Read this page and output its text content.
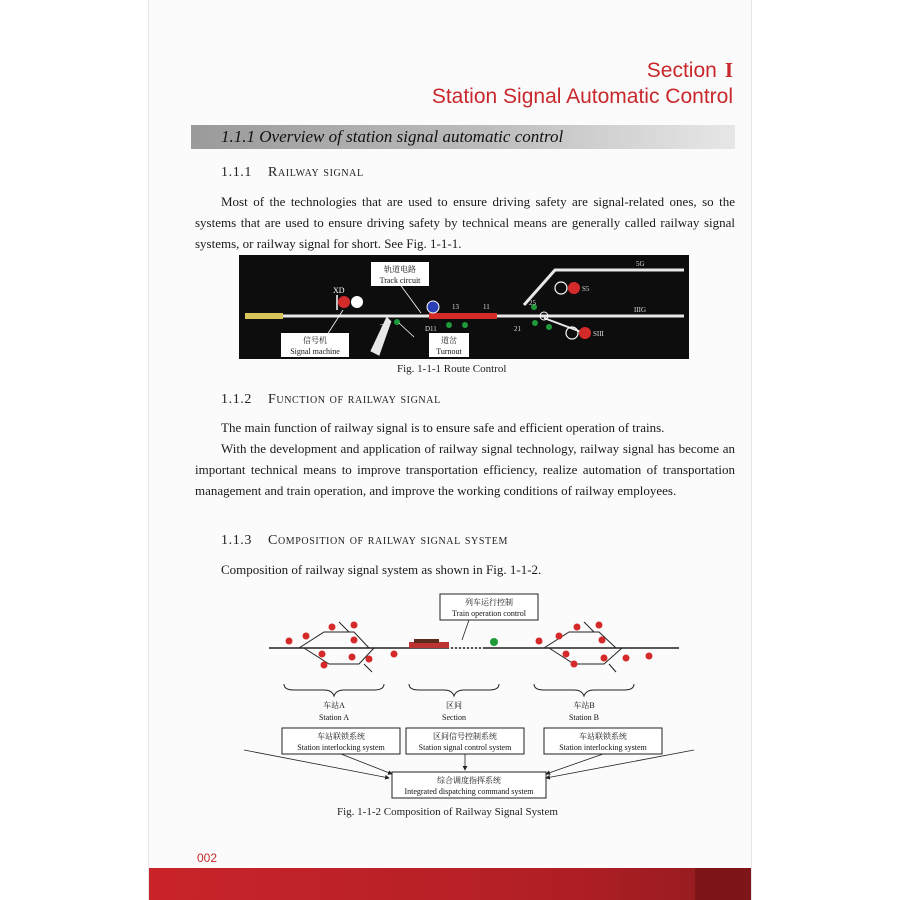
Section I
Station Signal Automatic Control
1.1.1 Overview of station signal automatic control
1.1.1 Railway signal

Most of the technologies that are used to ensure driving safety are signal-related ones, so the systems that are used to ensure driving safety by technical means are generally called railway signal systems, or railway signal for short. See Fig. 1-1-1.

XD
13	11	25
21
7	D11
5G
S5
SIII
IIIG
轨道电路
Track circuit
信号机
Signal machine
道岔
Turnout
Fig. 1-1-1 Route Control
1.1.2 Function of railway signal

The main function of railway signal is to ensure safe and efficient operation of trains.

With the development and application of railway signal technology, railway signal has become an important technical means to improve transportation efficiency, realize automation of transportation management and train operation, and improve the working conditions of railway employees.

1.1.3 Composition of railway signal system

Composition of railway signal system as shown in Fig. 1-1-2.

列车运行控制
Train operation control
车站A
Station A
区间
Section
车站B
Station B
车站联锁系统
Station interlocking system
区间信号控制系统
Station signal control system
车站联锁系统
Station interlocking system
综合调度指挥系统
Integrated dispatching command system
Fig. 1-1-2 Composition of Railway Signal System
002
